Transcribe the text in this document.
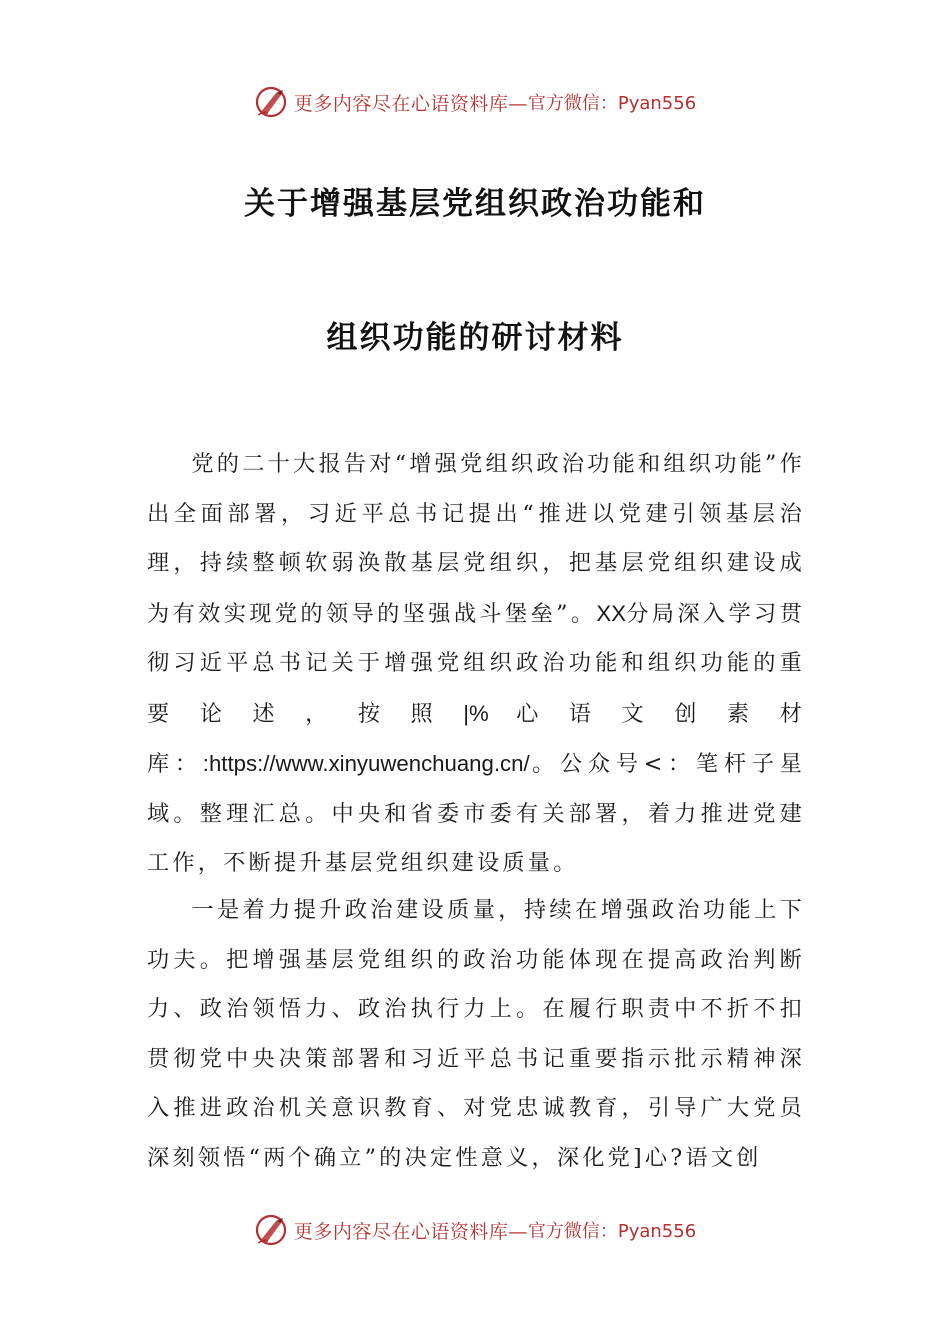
更多内容尽在心语资料库— 官方微信：Pyan556
关于增强基层党组织政治功能和
组织功能的研讨材料

党的二十大报告对“增强党组织政治功能和组织功能”作出全面部署，习近平总书记提出“推进以党建引领基层治理，持续整顿软弱涣散基层党组织，把基层党组织建设成为有效实现党的领导的坚强战斗堡垒”。XX分局深入学习贯彻习近平总书记关于增强党组织政治功能和组织功能的重要论述，按照|%心语文创素材库：:https://www.xinyuwenchuang.cn/。公众号<：笔杆子星域。整理汇总。中央和省委市委有关部署，着力推进党建工作，不断提升基层党组织建设质量。

一是着力提升政治建设质量，持续在增强政治功能上下功夫。把增强基层党组织的政治功能体现在提高政治判断力、政治领悟力、政治执行力上。在履行职责中不折不扣贯彻党中央决策部署和习近平总书记重要指示批示精神深入推进政治机关意识教育、对党忠诚教育，引导广大党员深刻领悟“两个确立”的决定性意义，深化党]心?语文创

更多内容尽在心语资料库— 官方微信：Pyan556
